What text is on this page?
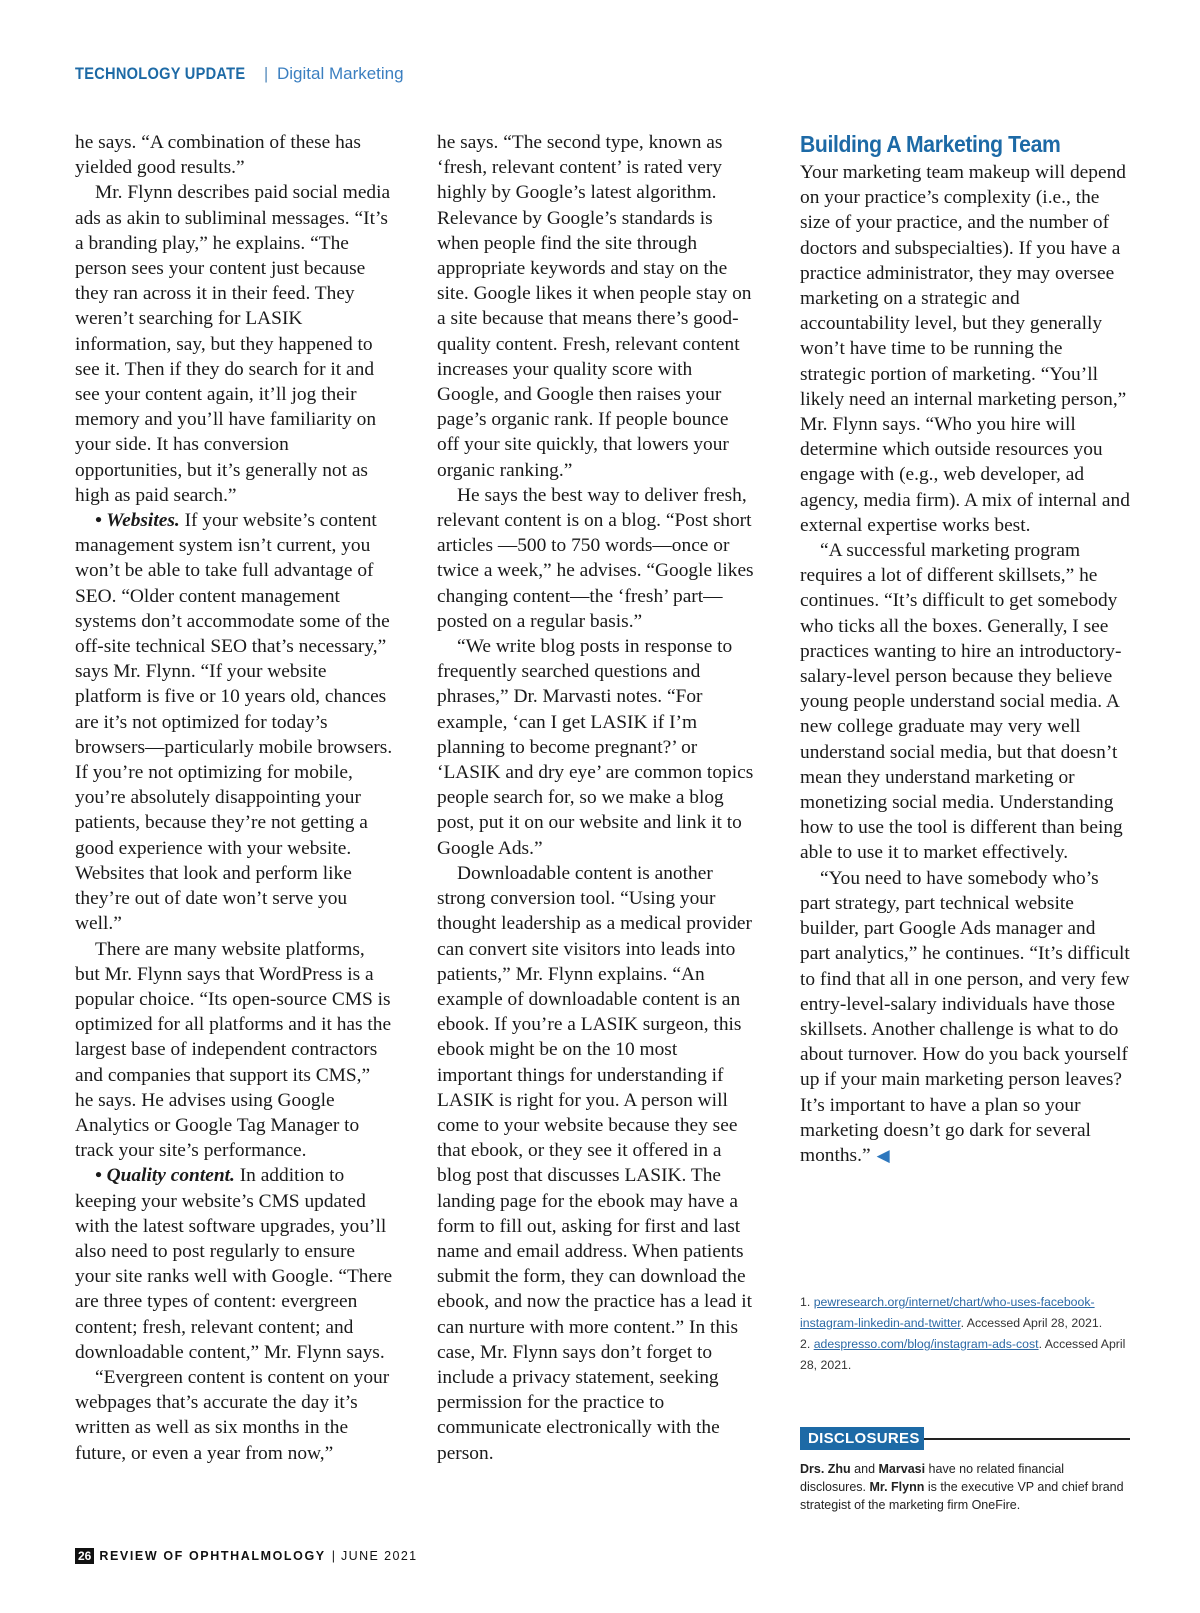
TECHNOLOGY UPDATE | Digital Marketing

he says. “A combination of these has yielded good results.”

Mr. Flynn describes paid social media ads as akin to subliminal messages. “It’s a branding play,” he explains. “The person sees your content just because they ran across it in their feed. They weren’t searching for LASIK information, say, but they happened to see it. Then if they do search for it and see your content again, it’ll jog their memory and you’ll have familiarity on your side. It has conversion opportunities, but it’s generally not as high as paid search.”

• Websites. If your website’s content management system isn’t current, you won’t be able to take full advantage of SEO. “Older content management systems don’t accommodate some of the off-site technical SEO that’s necessary,” says Mr. Flynn. “If your website platform is five or 10 years old, chances are it’s not optimized for today’s browsers—particularly mobile browsers. If you’re not optimizing for mobile, you’re absolutely disappointing your patients, because they’re not getting a good experience with your website. Websites that look and perform like they’re out of date won’t serve you well.”

There are many website platforms, but Mr. Flynn says that WordPress is a popular choice. “Its open-source CMS is optimized for all platforms and it has the largest base of independent contractors and companies that support its CMS,” he says. He advises using Google Analytics or Google Tag Manager to track your site’s performance.

• Quality content. In addition to keeping your website’s CMS updated with the latest software upgrades, you’ll also need to post regularly to ensure your site ranks well with Google. “There are three types of content: evergreen content; fresh, relevant content; and downloadable content,” Mr. Flynn says.

“Evergreen content is content on your webpages that’s accurate the day it’s written as well as six months in the future, or even a year from now,”

he says. “The second type, known as ‘fresh, relevant content’ is rated very highly by Google’s latest algorithm. Relevance by Google’s standards is when people find the site through appropriate keywords and stay on the site. Google likes it when people stay on a site because that means there’s good-quality content. Fresh, relevant content increases your quality score with Google, and Google then raises your page’s organic rank. If people bounce off your site quickly, that lowers your organic ranking.”

He says the best way to deliver fresh, relevant content is on a blog. “Post short articles —500 to 750 words—once or twice a week,” he advises. “Google likes changing content—the ‘fresh’ part—posted on a regular basis.”

“We write blog posts in response to frequently searched questions and phrases,” Dr. Marvasti notes. “For example, ‘can I get LASIK if I’m planning to become pregnant?’ or ‘LASIK and dry eye’ are common topics people search for, so we make a blog post, put it on our website and link it to Google Ads.”

Downloadable content is another strong conversion tool. “Using your thought leadership as a medical provider can convert site visitors into leads into patients,” Mr. Flynn explains. “An example of downloadable content is an ebook. If you’re a LASIK surgeon, this ebook might be on the 10 most important things for understanding if LASIK is right for you. A person will come to your website because they see that ebook, or they see it offered in a blog post that discusses LASIK. The landing page for the ebook may have a form to fill out, asking for first and last name and email address. When patients submit the form, they can download the ebook, and now the practice has a lead it can nurture with more content.” In this case, Mr. Flynn says don’t forget to include a privacy statement, seeking permission for the practice to communicate electronically with the person.

Building A Marketing Team

Your marketing team makeup will depend on your practice’s complexity (i.e., the size of your practice, and the number of doctors and subspecialties). If you have a practice administrator, they may oversee marketing on a strategic and accountability level, but they generally won’t have time to be running the strategic portion of marketing. “You’ll likely need an internal marketing person,” Mr. Flynn says. “Who you hire will determine which outside resources you engage with (e.g., web developer, ad agency, media firm). A mix of internal and external expertise works best.

“A successful marketing program requires a lot of different skillsets,” he continues. “It’s difficult to get somebody who ticks all the boxes. Generally, I see practices wanting to hire an introductory-salary-level person because they believe young people understand social media. A new college graduate may very well understand social media, but that doesn’t mean they understand marketing or monetizing social media. Understanding how to use the tool is different than being able to use it to market effectively.

“You need to have somebody who’s part strategy, part technical website builder, part Google Ads manager and part analytics,” he continues. “It’s difficult to find that all in one person, and very few entry-level-salary individuals have those skillsets. Another challenge is what to do about turnover. How do you back yourself up if your main marketing person leaves? It’s important to have a plan so your marketing doesn’t go dark for several months.” ◀

1. pewresearch.org/internet/chart/who-uses-facebook-instagram-linkedin-and-twitter. Accessed April 28, 2021.
2. adespresso.com/blog/instagram-ads-cost. Accessed April 28, 2021.
DISCLOSURES
Drs. Zhu and Marvasi have no related financial disclosures. Mr. Flynn is the executive VP and chief brand strategist of the marketing firm OneFire.
26 REVIEW OF OPHTHALMOLOGY | JUNE 2021
